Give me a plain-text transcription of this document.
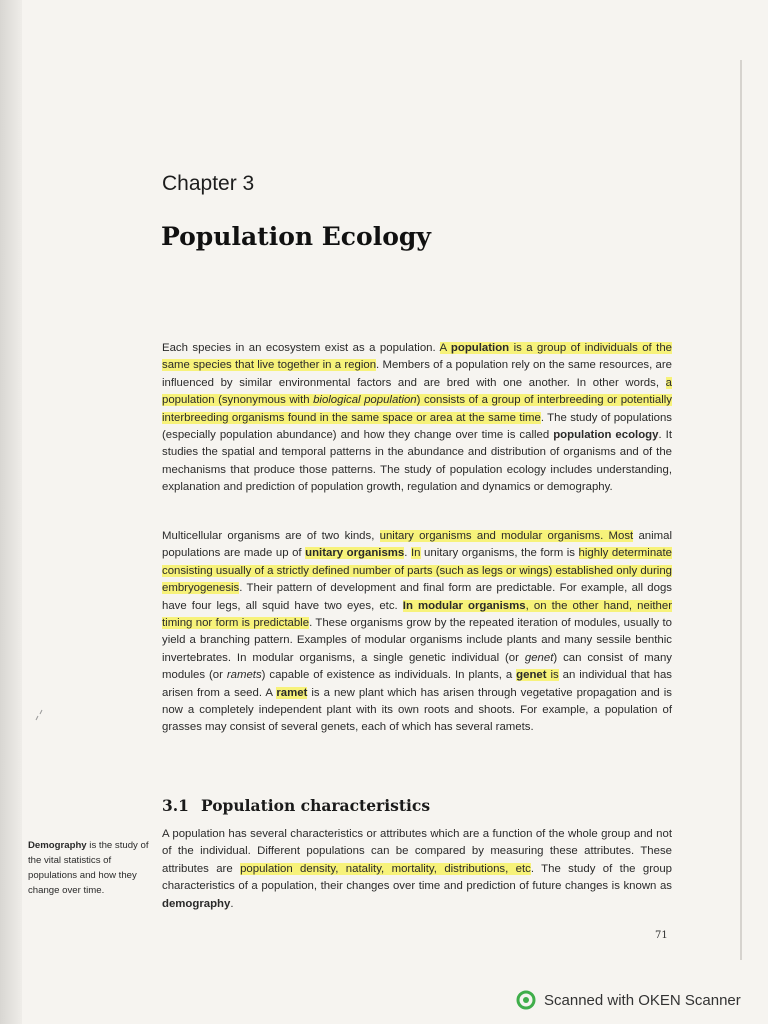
Chapter 3
Population Ecology
Each species in an ecosystem exist as a population. A population is a group of individuals of the same species that live together in a region. Members of a population rely on the same resources, are influenced by similar environmental factors and are bred with one another. In other words, a population (synonymous with biological population) consists of a group of interbreeding or potentially interbreeding organisms found in the same space or area at the same time. The study of populations (especially population abundance) and how they change over time is called population ecology. It studies the spatial and temporal patterns in the abundance and distribution of organisms and of the mechanisms that produce those patterns. The study of population ecology includes understanding, explanation and prediction of population growth, regulation and dynamics or demography.
Multicellular organisms are of two kinds, unitary organisms and modular organisms. Most animal populations are made up of unitary organisms. In unitary organisms, the form is highly determinate consisting usually of a strictly defined number of parts (such as legs or wings) established only during embryogenesis. Their pattern of development and final form are predictable. For example, all dogs have four legs, all squid have two eyes, etc. In modular organisms, on the other hand, neither timing nor form is predictable. These organisms grow by the repeated iteration of modules, usually to yield a branching pattern. Examples of modular organisms include plants and many sessile benthic invertebrates. In modular organisms, a single genetic individual (or genet) can consist of many modules (or ramets) capable of existence as individuals. In plants, a genet is an individual that has arisen from a seed. A ramet is a new plant which has arisen through vegetative propagation and is now a completely independent plant with its own roots and shoots. For example, a population of grasses may consist of several genets, each of which has several ramets.
3.1 Population characteristics
A population has several characteristics or attributes which are a function of the whole group and not of the individual. Different populations can be compared by measuring these attributes. These attributes are population density, natality, mortality, distributions, etc. The study of the group characteristics of a population, their changes over time and prediction of future changes is known as demography.
Demography is the study of the vital statistics of populations and how they change over time.
71
Scanned with OKEN Scanner
